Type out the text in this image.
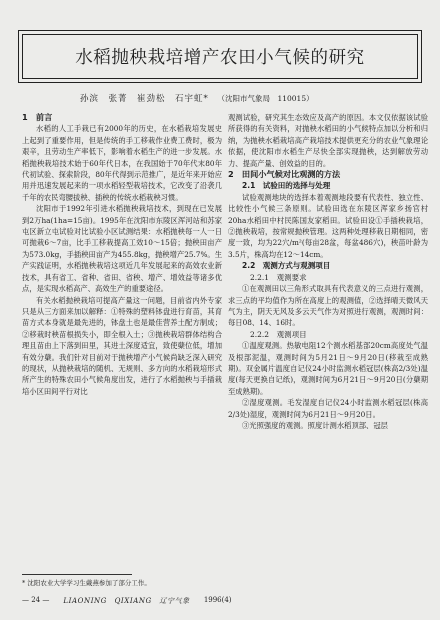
水稻抛秧栽培增产农田小气候的研究
孙滨　张菁　崔劲松　石宇虹* （沈阳市气象局　110015）

1　前言

水稻的人工手栽已有2000年的历史，在水稻栽培发展史上起到了重要作用，但是传统的手工移栽作业费工费时，极为艰辛，且劳动生产率低下，影响着水稻生产的进一步发展。水稻抛秧栽培技术始于60年代日本，在我国始于70年代末80年代初试验、探索阶段，80年代得到示范推广，是近年来开始应用并迅速发展起来的一项水稻轻型栽培技术，它改变了沿袭几千年的农民弯腰拔秧、插秧的传统水稻栽秧习惯。

沈阳市于1992年引进水稻抛秧栽培技术，到现在已发展到2万ha(1ha=15亩)。1995年在沈阳市东陵区浑河站和苏家屯区新立屯试验对比试验小区试测结果：水稻抛秧每一人一日可抛栽6～7亩，比手工移栽提高工效10～15倍；抛秧田亩产为573.0kg，手插秧田亩产为455.8kg，抛秧增产25.7%。生产实践证明，水稻抛秧栽培这项近几年发展起来的高效农业新技术，具有省工、省种、省田、省秧、增产、增效益等诸多优点，是实现水稻高产、高效生产的重要途径。

有关水稻抛秧栽培可提高产量这一问题，目前省内外专家只是从三方面来加以解释：①特殊的塑料钵盘进行育苗，其育苗方式本身就是最先进的，钵盘土也是最佳营养土配方制成；②移栽时秧苗根损失小，即全根入土；③抛秧栽培群体结构合理且苗由上下落到田里，其进土深度适宜，致使蘖位低，增加有效分蘖。我们针对目前对于抛秧增产小气候尚缺乏深入研究的现状，从抛秧栽培的随机、无规则、多方向的水稻栽培形式所产生的特殊农田小气候角度出发，进行了水稻抛秧与手插栽培小区田间平行对比

观测试验，研究其生态效应及高产的原因。本文仅依据该试验所获得的有关资料，对抛秧水稻田的小气候特点加以分析和归纳，为抛秧水稻栽培高产栽培技术提供更充分的农业气象理论依据，使沈阳市水稻生产尽快全部实现抛秧，达到解放劳动力、提高产量、创效益的目的。

2　田间小气候对比观测的方法

2.1　试验田的选择与处理

试验观测地块的选择本着观测地段要有代表性、独立性、比较性小气候三条原则。试验田选在东陵区浑家乡扬官村20ha水稻田中村民陈国友家稻田。试验田设①手插秧栽培，②抛秧栽培，按常规抛秧管理。这两种处理移栽日期相同，密度一致，均为22穴/m²(每亩28盆，每盆486穴)，秧苗叶龄为3.5片，株高均在12～14cm。

2.2　观测方式与观测项目

2.2.1　观测要求

①在观测田以三角形式取具有代表意义的三点进行观测，求三点的平均值作为所在高度上的观测值，②选择晴天微风天气为主，阴天无风及多云天气作为对照进行观测，观测时间：每日08、14、16时。

2.2.2　观测项目

①温度观测。热敏电阻12个测水稻基部20cm高度处气温及根部泥温，观测时间为5月21日～9月20日(移栽至成熟期)。双金属片温度自记仪24小时监测水稻冠层(株高2/3处)温度(每天更换自记纸)，观测时间为6月21日～9月20日(分蘖期至成熟期)。

②湿度观测。毛发湿度自记仪24小时监测水稻冠层(株高2/3处)湿度，观测时间为6月21日～9月20日。

③光照强度的观测。照度计测水稻顶部、冠层

* 沈阳农业大学学习生戴燕参加了部分工作。
— 24 — LIAONING　QIXIANG　辽宁气象 1996(4)
